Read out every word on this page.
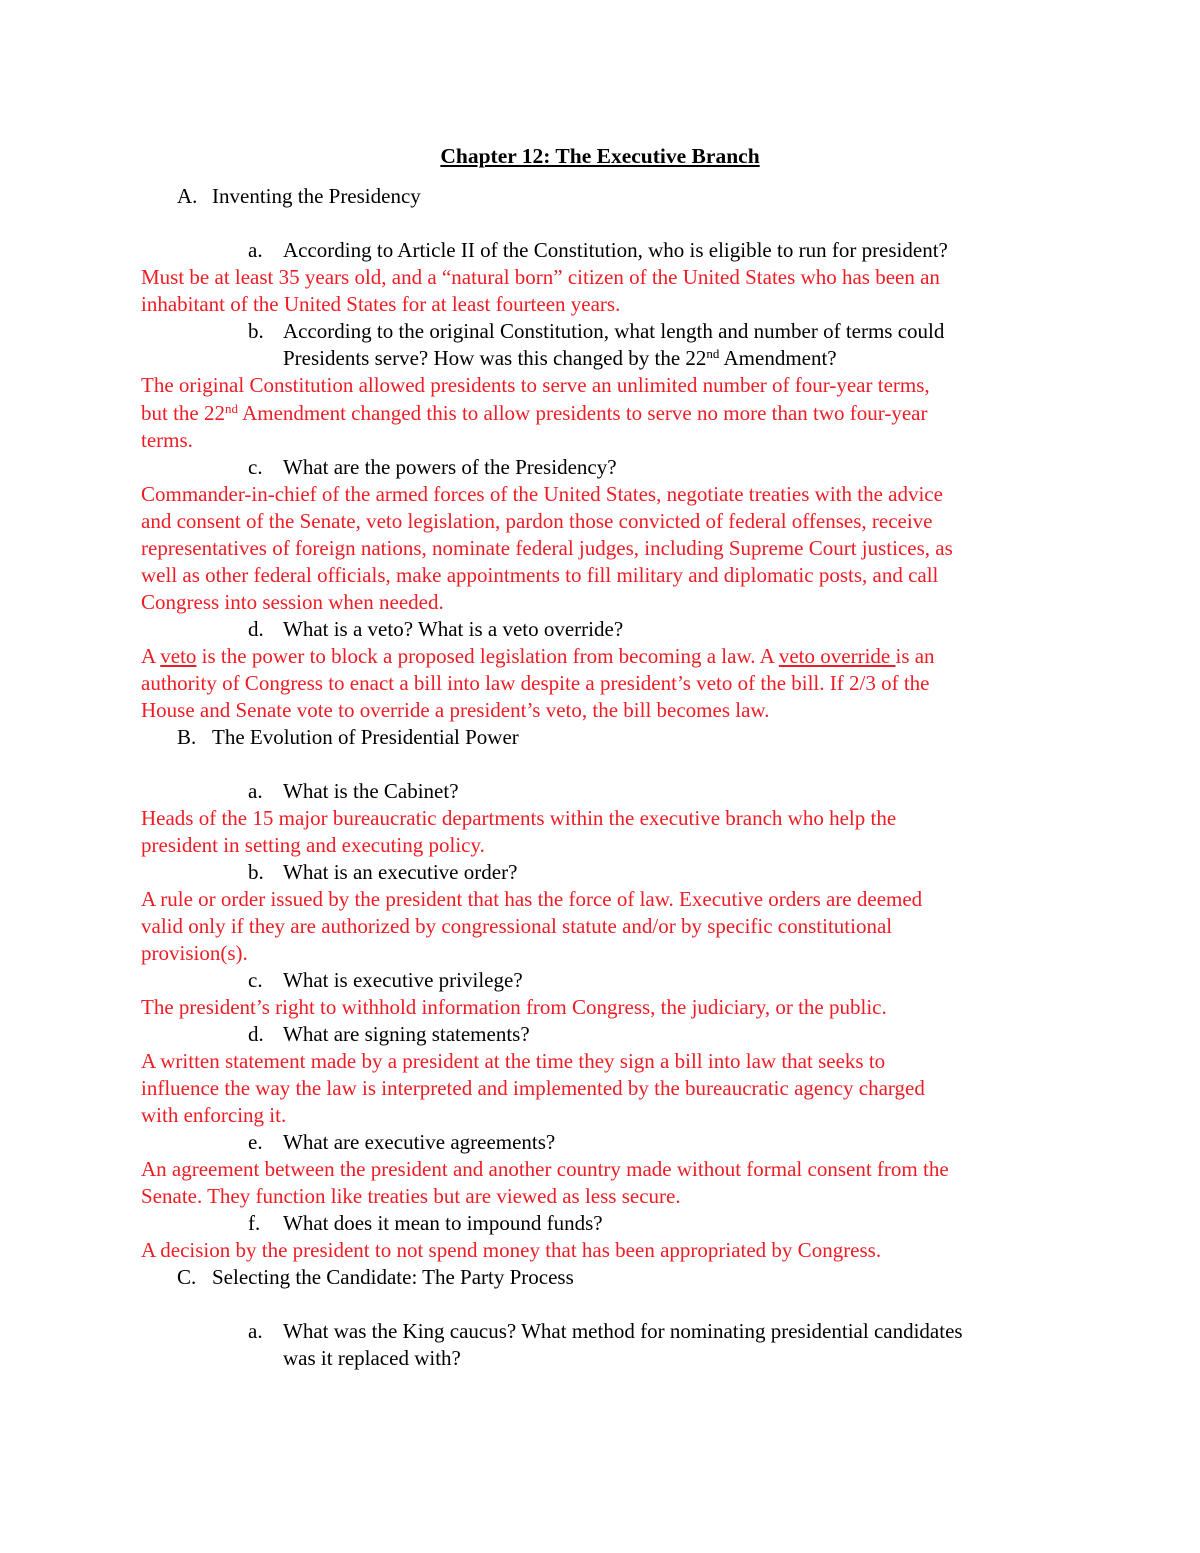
Chapter 12: The Executive Branch
A. Inventing the Presidency
a. According to Article II of the Constitution, who is eligible to run for president?
Must be at least 35 years old, and a “natural born” citizen of the United States who has been an
inhabitant of the United States for at least fourteen years.
b. According to the original Constitution, what length and number of terms could
Presidents serve? How was this changed by the 22nd Amendment?
The original Constitution allowed presidents to serve an unlimited number of four-year terms,
but the 22nd Amendment changed this to allow presidents to serve no more than two four-year
terms.
c. What are the powers of the Presidency?
Commander-in-chief of the armed forces of the United States, negotiate treaties with the advice
and consent of the Senate, veto legislation, pardon those convicted of federal offenses, receive
representatives of foreign nations, nominate federal judges, including Supreme Court justices, as
well as other federal officials, make appointments to fill military and diplomatic posts, and call
Congress into session when needed.
d. What is a veto? What is a veto override?
A veto is the power to block a proposed legislation from becoming a law. A veto override is an
authority of Congress to enact a bill into law despite a president’s veto of the bill. If 2/3 of the
House and Senate vote to override a president’s veto, the bill becomes law.
B. The Evolution of Presidential Power
a. What is the Cabinet?
Heads of the 15 major bureaucratic departments within the executive branch who help the
president in setting and executing policy.
b. What is an executive order?
A rule or order issued by the president that has the force of law. Executive orders are deemed
valid only if they are authorized by congressional statute and/or by specific constitutional
provision(s).
c. What is executive privilege?
The president’s right to withhold information from Congress, the judiciary, or the public.
d. What are signing statements?
A written statement made by a president at the time they sign a bill into law that seeks to
influence the way the law is interpreted and implemented by the bureaucratic agency charged
with enforcing it.
e. What are executive agreements?
An agreement between the president and another country made without formal consent from the
Senate. They function like treaties but are viewed as less secure.
f. What does it mean to impound funds?
A decision by the president to not spend money that has been appropriated by Congress.
C. Selecting the Candidate: The Party Process
a. What was the King caucus? What method for nominating presidential candidates
was it replaced with?
